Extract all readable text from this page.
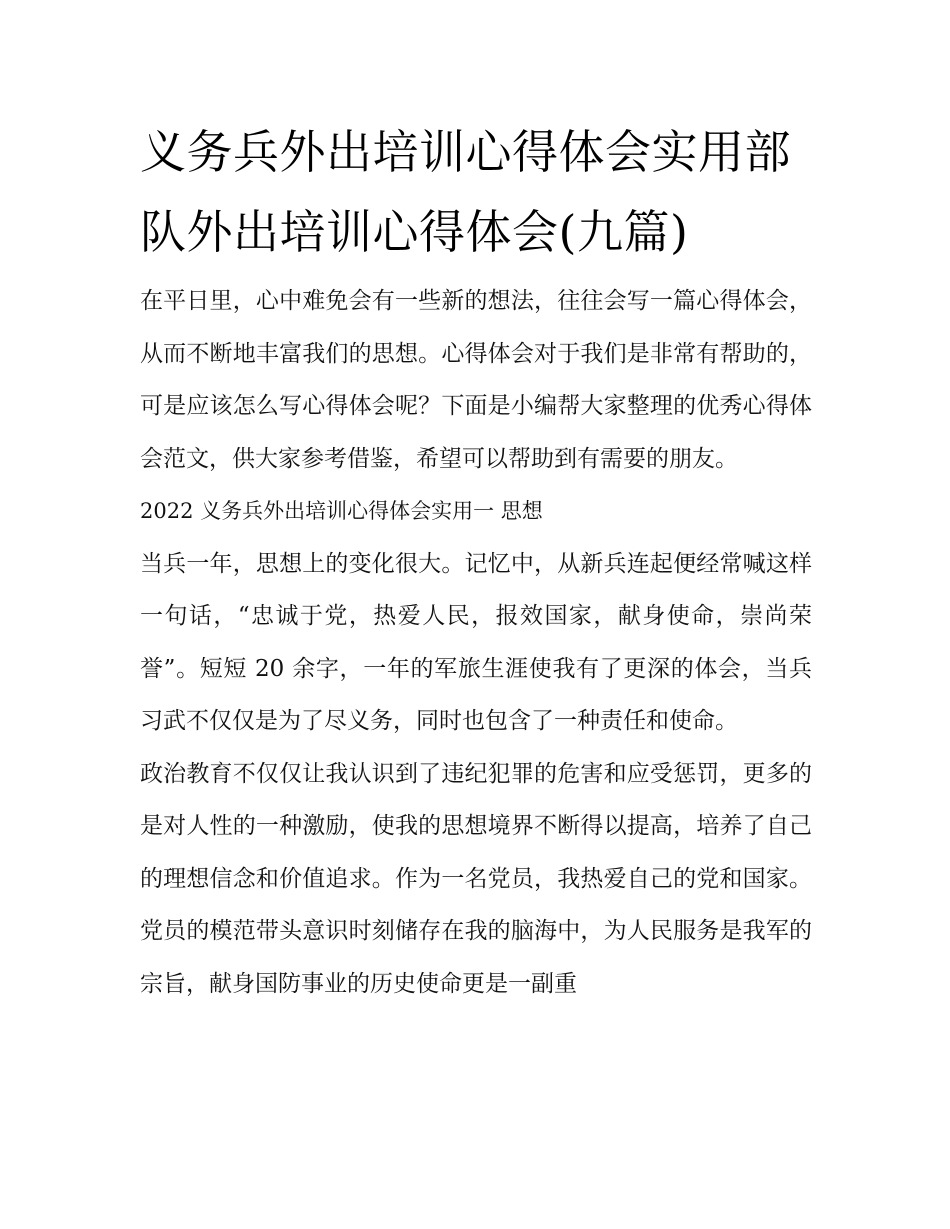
义务兵外出培训心得体会实用部队外出培训心得体会(九篇)

在平日里，心中难免会有一些新的想法，往往会写一篇心得体会，从而不断地丰富我们的思想。心得体会对于我们是非常有帮助的，可是应该怎么写心得体会呢？下面是小编帮大家整理的优秀心得体会范文，供大家参考借鉴，希望可以帮助到有需要的朋友。

2022 义务兵外出培训心得体会实用一 思想

当兵一年，思想上的变化很大。记忆中，从新兵连起便经常喊这样一句话，“忠诚于党，热爱人民，报效国家，献身使命，崇尚荣誉”。短短 20 余字，一年的军旅生涯使我有了更深的体会，当兵习武不仅仅是为了尽义务，同时也包含了一种责任和使命。

政治教育不仅仅让我认识到了违纪犯罪的危害和应受惩罚，更多的是对人性的一种激励，使我的思想境界不断得以提高，培养了自己的理想信念和价值追求。作为一名党员，我热爱自己的党和国家。党员的模范带头意识时刻储存在我的脑海中，为人民服务是我军的宗旨，献身国防事业的历史使命更是一副重
